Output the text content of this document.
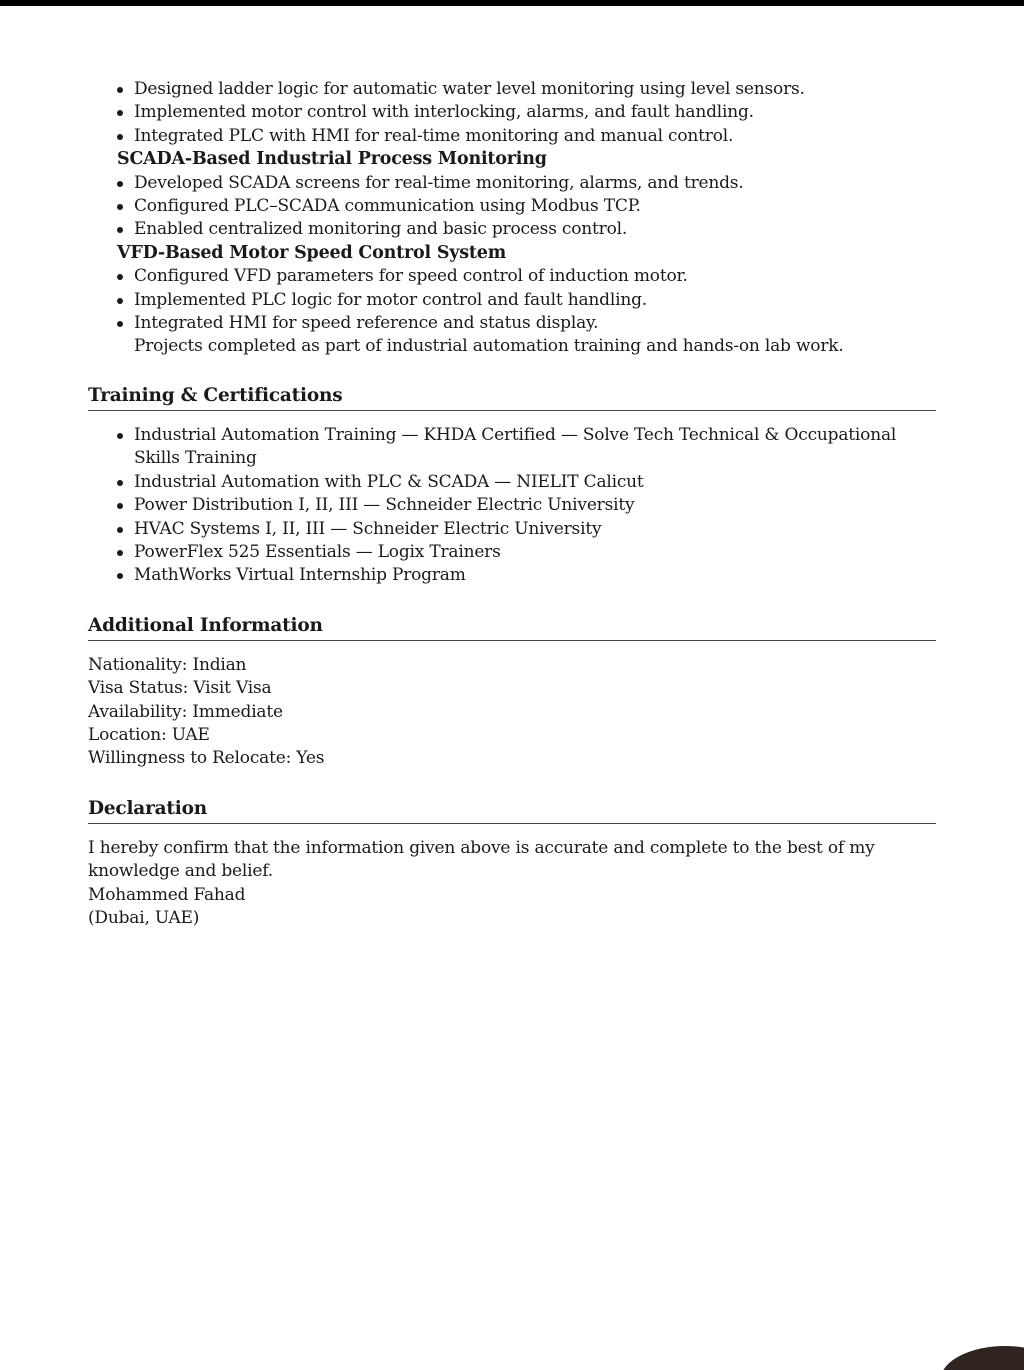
Designed ladder logic for automatic water level monitoring using level sensors.
Implemented motor control with interlocking, alarms, and fault handling.
Integrated PLC with HMI for real-time monitoring and manual control.
SCADA-Based Industrial Process Monitoring
Developed SCADA screens for real-time monitoring, alarms, and trends.
Configured PLC–SCADA communication using Modbus TCP.
Enabled centralized monitoring and basic process control.
VFD-Based Motor Speed Control System
Configured VFD parameters for speed control of induction motor.
Implemented PLC logic for motor control and fault handling.
Integrated HMI for speed reference and status display.
Projects completed as part of industrial automation training and hands-on lab work.
Training & Certifications
Industrial Automation Training — KHDA Certified — Solve Tech Technical & Occupational Skills Training
Industrial Automation with PLC & SCADA — NIELIT Calicut
Power Distribution I, II, III — Schneider Electric University
HVAC Systems I, II, III — Schneider Electric University
PowerFlex 525 Essentials — Logix Trainers
MathWorks Virtual Internship Program
Additional Information
Nationality: Indian
Visa Status: Visit Visa
Availability: Immediate
Location: UAE
Willingness to Relocate: Yes
Declaration
I hereby confirm that the information given above is accurate and complete to the best of my knowledge and belief.
Mohammed Fahad
(Dubai, UAE)
